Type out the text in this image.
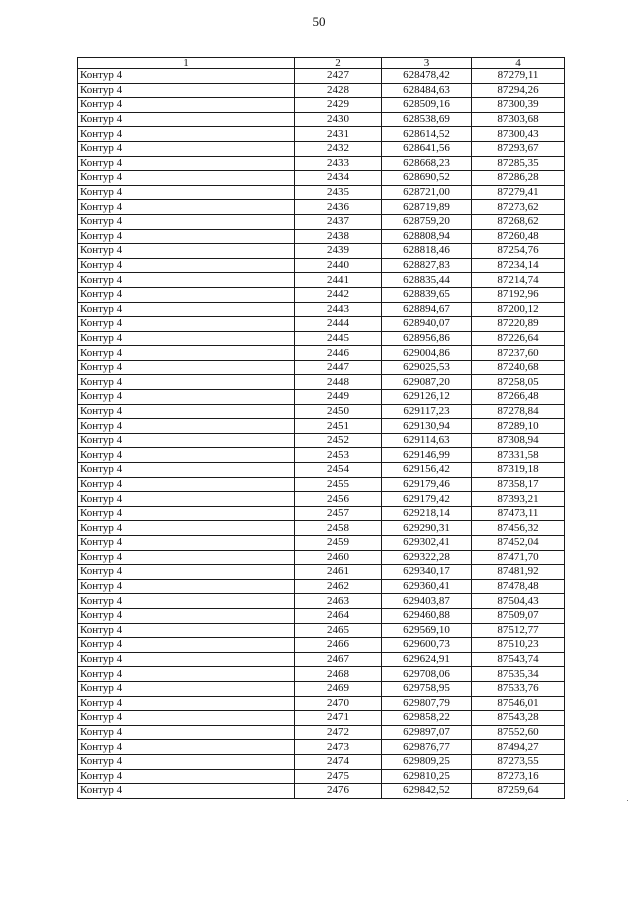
50
1	2	3	4
Контур 4	2427	628478,42	87279,11
Контур 4	2428	628484,63	87294,26
Контур 4	2429	628509,16	87300,39
Контур 4	2430	628538,69	87303,68
Контур 4	2431	628614,52	87300,43
Контур 4	2432	628641,56	87293,67
Контур 4	2433	628668,23	87285,35
Контур 4	2434	628690,52	87286,28
Контур 4	2435	628721,00	87279,41
Контур 4	2436	628719,89	87273,62
Контур 4	2437	628759,20	87268,62
Контур 4	2438	628808,94	87260,48
Контур 4	2439	628818,46	87254,76
Контур 4	2440	628827,83	87234,14
Контур 4	2441	628835,44	87214,74
Контур 4	2442	628839,65	87192,96
Контур 4	2443	628894,67	87200,12
Контур 4	2444	628940,07	87220,89
Контур 4	2445	628956,86	87226,64
Контур 4	2446	629004,86	87237,60
Контур 4	2447	629025,53	87240,68
Контур 4	2448	629087,20	87258,05
Контур 4	2449	629126,12	87266,48
Контур 4	2450	629117,23	87278,84
Контур 4	2451	629130,94	87289,10
Контур 4	2452	629114,63	87308,94
Контур 4	2453	629146,99	87331,58
Контур 4	2454	629156,42	87319,18
Контур 4	2455	629179,46	87358,17
Контур 4	2456	629179,42	87393,21
Контур 4	2457	629218,14	87473,11
Контур 4	2458	629290,31	87456,32
Контур 4	2459	629302,41	87452,04
Контур 4	2460	629322,28	87471,70
Контур 4	2461	629340,17	87481,92
Контур 4	2462	629360,41	87478,48
Контур 4	2463	629403,87	87504,43
Контур 4	2464	629460,88	87509,07
Контур 4	2465	629569,10	87512,77
Контур 4	2466	629600,73	87510,23
Контур 4	2467	629624,91	87543,74
Контур 4	2468	629708,06	87535,34
Контур 4	2469	629758,95	87533,76
Контур 4	2470	629807,79	87546,01
Контур 4	2471	629858,22	87543,28
Контур 4	2472	629897,07	87552,60
Контур 4	2473	629876,77	87494,27
Контур 4	2474	629809,25	87273,55
Контур 4	2475	629810,25	87273,16
Контур 4	2476	629842,52	87259,64
